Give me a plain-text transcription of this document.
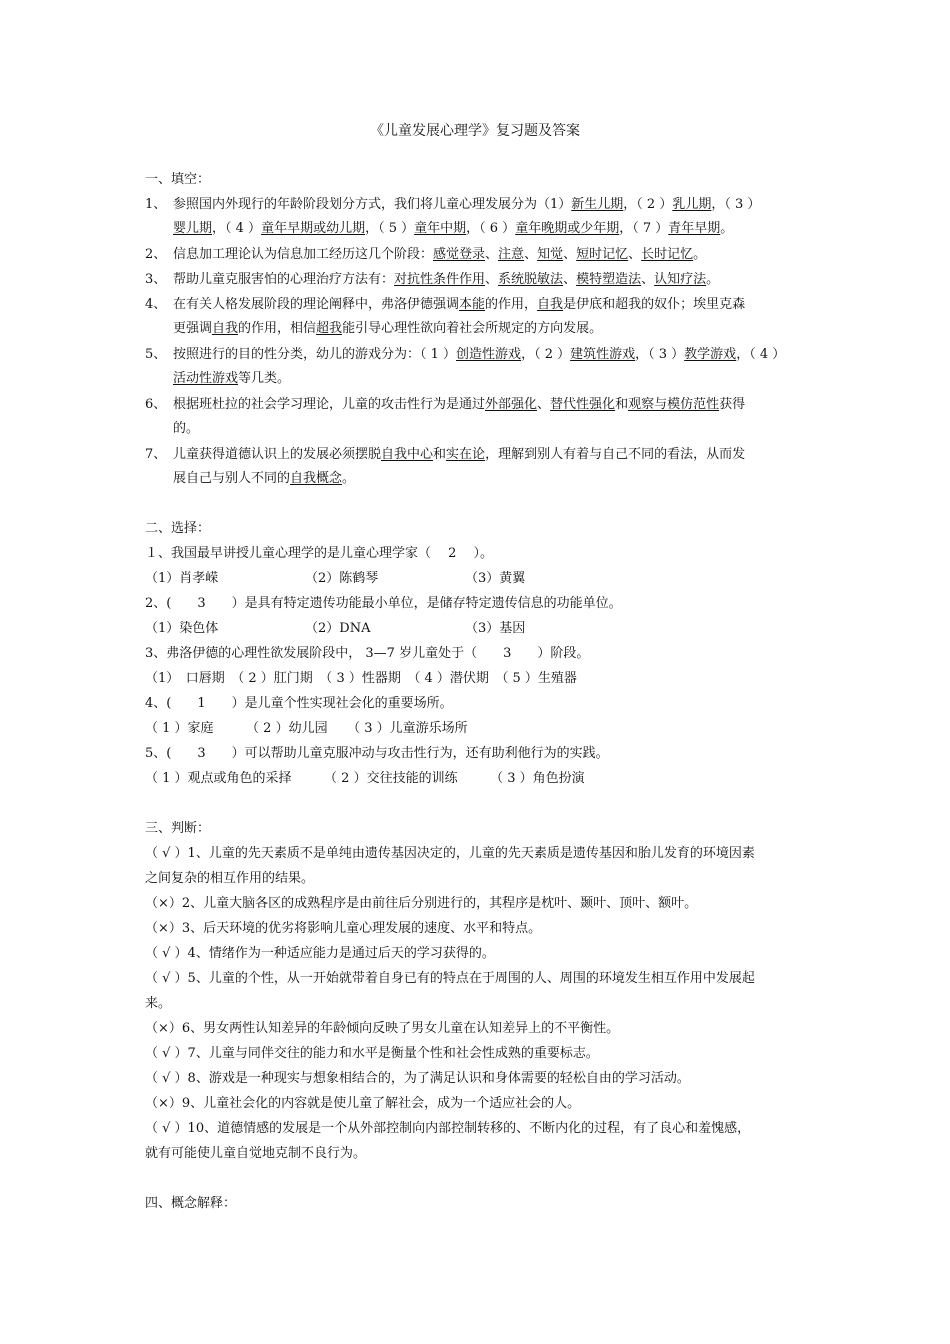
《儿童发展心理学》复习题及答案
一、填空：
1、 参照国内外现行的年龄阶段划分方式，我们将儿童心理发展分为（1）新生儿期，（ 2 ）乳儿期，（ 3 ）
婴儿期，（ 4 ）童年早期或幼儿期，（ 5 ）童年中期，（ 6 ）童年晚期或少年期，（ 7 ）青年早期。
2、 信息加工理论认为信息加工经历这几个阶段：感觉登录、注意、知觉、短时记忆、长时记忆。
3、 帮助儿童克服害怕的心理治疗方法有：对抗性条件作用、系统脱敏法、模特塑造法、认知疗法。
4、 在有关人格发展阶段的理论阐释中，弗洛伊德强调本能的作用，自我是伊底和超我的奴仆；埃里克森
更强调自我的作用，相信超我能引导心理性欲向着社会所规定的方向发展。
5、 按照进行的目的性分类，幼儿的游戏分为：（ 1 ）创造性游戏，（ 2 ）建筑性游戏，（ 3 ）教学游戏，（ 4 ）
活动性游戏等几类。
6、 根据班杜拉的社会学习理论，儿童的攻击性行为是通过外部强化、替代性强化和观察与模仿范性获得
的。
7、 儿童获得道德认识上的发展必须摆脱自我中心和实在论，理解到别人有着与自己不同的看法，从而发
展自己与别人不同的自我概念。
二、选择：
１、我国最早讲授儿童心理学的是儿童心理学家（　 2　 ）。
（1）肖孝嵘	（2）陈鹤琴	（3）黄翼
2、(　　3　　）是具有特定遗传功能最小单位，是储存特定遗传信息的功能单位。
（1）染色体	（2）DNA	（3）基因
3、弗洛伊德的心理性欲发展阶段中， 3—7 岁儿童处于（　　3　　）阶段。
（1）　口唇期　（ 2 ）肛门期　（ 3 ）性器期　（ 4 ）潜伏期　（ 5 ）生殖器
4、(　　1　　）是儿童个性实现社会化的重要场所。
（ 1 ）家庭　　　（ 2 ）幼儿园　　（ 3 ）儿童游乐场所
5、(　　3　　）可以帮助儿童克服冲动与攻击性行为，还有助利他行为的实践。
（ 1 ）观点或角色的采择　　　（ 2 ）交往技能的训练　　　（ 3 ）角色扮演
三、判断：
（ √ ）1、儿童的先天素质不是单纯由遗传基因决定的，儿童的先天素质是遗传基因和胎儿发育的环境因素
之间复杂的相互作用的结果。
（×）2、儿童大脑各区的成熟程序是由前往后分别进行的，其程序是枕叶、颞叶、顶叶、额叶。
（×）3、后天环境的优劣将影响儿童心理发展的速度、水平和特点。
（ √ ）4、情绪作为一种适应能力是通过后天的学习获得的。
（ √ ）5、儿童的个性，从一开始就带着自身已有的特点在于周围的人、周围的环境发生相互作用中发展起
来。
（×）6、男女两性认知差异的年龄倾向反映了男女儿童在认知差异上的不平衡性。
（ √ ）7、儿童与同伴交往的能力和水平是衡量个性和社会性成熟的重要标志。
（ √ ）8、游戏是一种现实与想象相结合的，为了满足认识和身体需要的轻松自由的学习活动。
（×）9、儿童社会化的内容就是使儿童了解社会，成为一个适应社会的人。
（ √ ）10、道德情感的发展是一个从外部控制向内部控制转移的、不断内化的过程，有了良心和羞愧感，
就有可能使儿童自觉地克制不良行为。
四、概念解释：
